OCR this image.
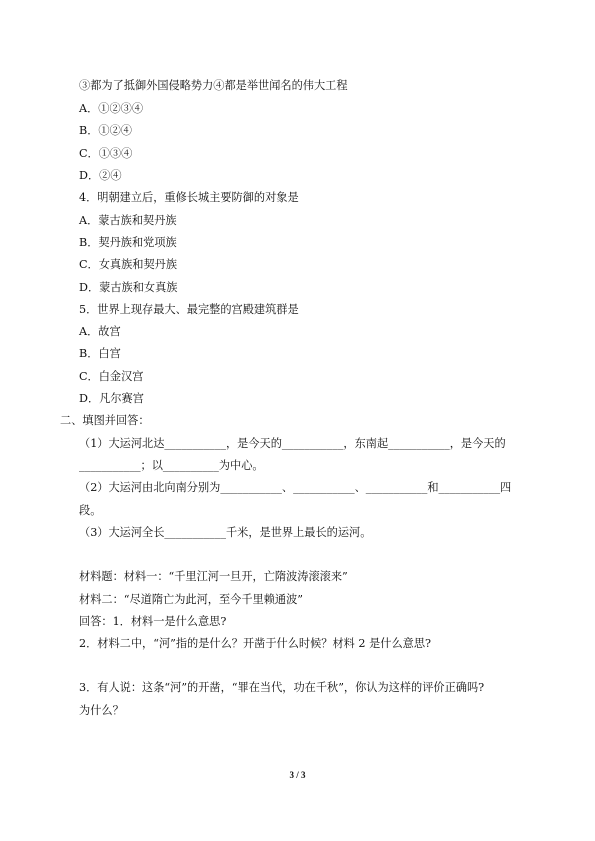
③都为了抵御外国侵略势力④都是举世闻名的伟大工程
A．①②③④
B．①②④
C．①③④
D．②④
4．明朝建立后，重修长城主要防御的对象是
A．蒙古族和契丹族
B．契丹族和党项族
C．女真族和契丹族
D．蒙古族和女真族
5．世界上现存最大、最完整的宫殿建筑群是
A．故宫
B．白宫
C．白金汉宫
D．凡尔赛宫
二、填图并回答：
（1）大运河北达___________，是今天的___________，东南起___________，是今天的
___________；以__________为中心。
（2）大运河由北向南分别为___________、___________、___________和___________四
段。
（3）大运河全长___________千米，是世界上最长的运河。
材料题：材料一：“千里江河一旦开，亡隋波涛滚滚来”
材料二：“尽道隋亡为此河，至今千里赖通波”
回答：1．材料一是什么意思?
2．材料二中，“河”指的是什么？开凿于什么时候？材料 2 是什么意思?
3．有人说：这条“河”的开凿，“罪在当代，功在千秋”，你认为这样的评价正确吗?
为什么？
3 / 3
